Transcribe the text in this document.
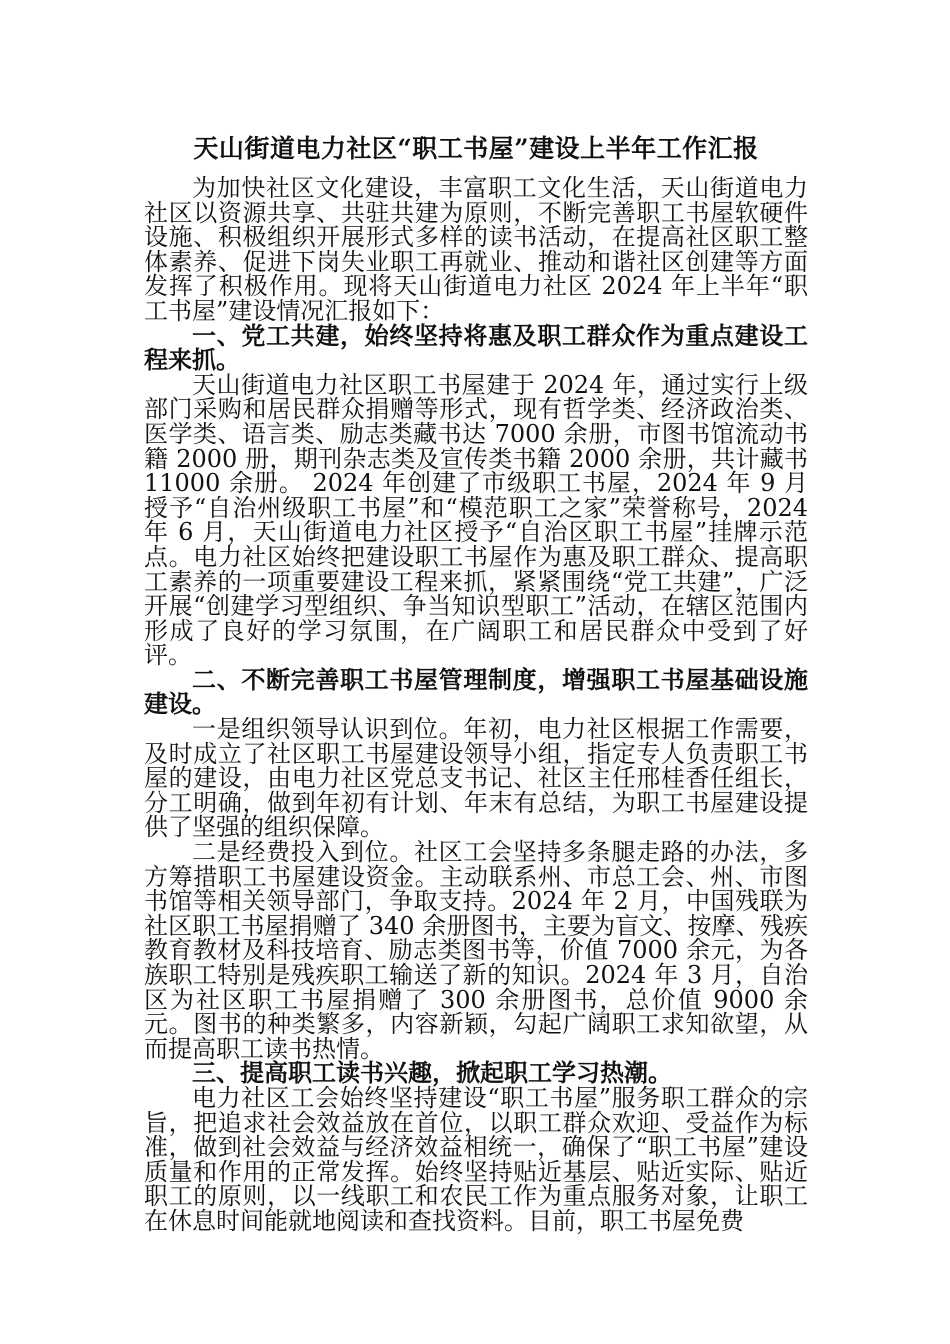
天山街道电力社区“职工书屋”建设上半年工作汇报

为加快社区文化建设，丰富职工文化生活，天山街道电力社区以资源共享、共驻共建为原则，不断完善职工书屋软硬件设施、积极组织开展形式多样的读书活动，在提高社区职工整体素养、促进下岗失业职工再就业、推动和谐社区创建等方面发挥了积极作用。现将天山街道电力社区 2024 年上半年“职工书屋”建设情况汇报如下：

一、党工共建，始终坚持将惠及职工群众作为重点建设工程来抓。

天山街道电力社区职工书屋建于 2024 年，通过实行上级部门采购和居民群众捐赠等形式，现有哲学类、经济政治类、医学类、语言类、励志类藏书达 7000 余册，市图书馆流动书籍 2000 册，期刊杂志类及宣传类书籍 2000 余册，共计藏书 11000 余册。 2024 年创建了市级职工书屋，2024 年 9 月授予“自治州级职工书屋”和“模范职工之家”荣誉称号，2024 年 6 月，天山街道电力社区授予“自治区职工书屋”挂牌示范点。电力社区始终把建设职工书屋作为惠及职工群众、提高职工素养的一项重要建设工程来抓，紧紧围绕“党工共建”，广泛开展“创建学习型组织、争当知识型职工”活动，在辖区范围内形成了良好的学习氛围，在广阔职工和居民群众中受到了好评。

二、不断完善职工书屋管理制度，增强职工书屋基础设施建设。

一是组织领导认识到位。年初，电力社区根据工作需要，及时成立了社区职工书屋建设领导小组，指定专人负责职工书屋的建设，由电力社区党总支书记、社区主任邢桂香任组长，分工明确，做到年初有计划、年末有总结，为职工书屋建设提供了坚强的组织保障。

二是经费投入到位。社区工会坚持多条腿走路的办法，多方筹措职工书屋建设资金。主动联系州、市总工会、州、市图书馆等相关领导部门，争取支持。2024 年 2 月，中国残联为社区职工书屋捐赠了 340 余册图书，主要为盲文、按摩、残疾教育教材及科技培育、励志类图书等，价值 7000 余元，为各族职工特别是残疾职工输送了新的知识。2024 年 3 月，自治区为社区职工书屋捐赠了 300 余册图书，总价值 9000 余元。图书的种类繁多，内容新颖，勾起广阔职工求知欲望，从而提高职工读书热情。

三、提高职工读书兴趣，掀起职工学习热潮。

电力社区工会始终坚持建设“职工书屋”服务职工群众的宗旨，把追求社会效益放在首位，以职工群众欢迎、受益作为标准，做到社会效益与经济效益相统一，确保了“职工书屋”建设质量和作用的正常发挥。始终坚持贴近基层、贴近实际、贴近职工的原则，以一线职工和农民工作为重点服务对象，让职工在休息时间能就地阅读和查找资料。目前，职工书屋免费
